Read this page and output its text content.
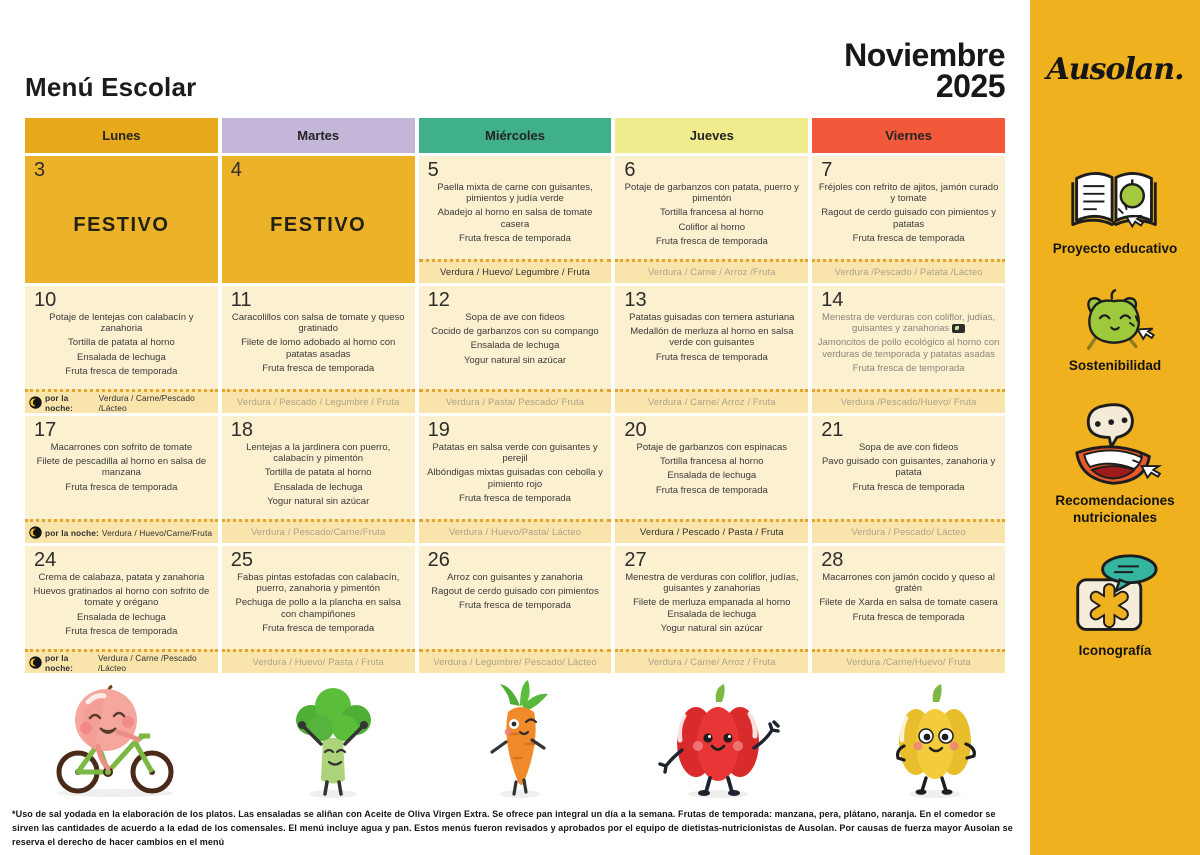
Menú Escolar
Noviembre
2025
Lunes	Martes	Miércoles	Jueves	Viernes
3
FESTIVO
4
FESTIVO
5
Paella mixta de carne con guisantes, pimientos y judía verde
Abadejo al horno en salsa de tomate casera
Fruta fresca de temporada
Verdura / Huevo/ Legumbre / Fruta
6
Potaje de garbanzos con patata, puerro y pimentón
Tortilla francesa al horno
Coliflor al horno
Fruta fresca de temporada
Verdura / Carne / Arroz /Fruta
7
Fréjoles con refrito de ajitos, jamón curado y tomate
Ragout de cerdo guisado con pimientos y patatas
Fruta fresca de temporada
Verdura /Pescado / Patata /Lácteo
10
Potaje de lentejas con calabacín y zanahoria
Tortilla de patata al horno
Ensalada de lechuga
Fruta fresca de temporada
por la noche:
Verdura / Carne/Pescado /Lácteo
11
Caracolillos con salsa de tomate y queso gratinado
Filete de lomo adobado al horno con patatas asadas
Fruta fresca de temporada
Verdura / Pescado / Legumbre / Fruta
12
Sopa de ave con fideos
Cocido de garbanzos con su compango
Ensalada de lechuga
Yogur natural sin azúcar
Verdura / Pasta/ Pescado/ Fruta
13
Patatas guisadas con ternera asturiana
Medallón de merluza al horno en salsa verde con guisantes
Fruta fresca de temporada
Verdura / Carne/ Arroz / Fruta
14
Menestra de verduras con coliflor, judías, guisantes y zanahorias
Jamoncitos de pollo ecológico al horno con verduras de temporada y patatas asadas
Fruta fresca de temporada
Verdura /Pescado/Huevo/ Fruta
17
Macarrones con sofrito de tomate
Filete de pescadilla al horno en salsa de manzana
Fruta fresca de temporada
por la noche: Verdura / Huevo/Carne/Fruta
18
Lentejas a la jardinera con puerro, calabacín y pimentón
Tortilla de patata al horno
Ensalada de lechuga
Yogur natural sin azúcar
Verdura / Pescado/Carne/Fruta
19
Patatas en salsa verde con guisantes y perejil
Albóndigas mixtas guisadas con cebolla y pimiento rojo
Fruta fresca de temporada
Verdura / Huevo/Pasta/ Lácteo
20
Potaje de garbanzos con espinacas
Tortilla francesa al horno
Ensalada de lechuga
Fruta fresca de temporada
Verdura / Pescado / Pasta / Fruta
21
Sopa de ave con fideos
Pavo guisado con guisantes, zanahoria y patata
Fruta fresca de temporada
Verdura / Pescado/ Lácteo
24
Crema de calabaza, patata y zanahoria
Huevos gratinados al horno con sofrito de tomate y orégano
Ensalada de lechuga
Fruta fresca de temporada
por la noche:
Verdura / Carne /Pescado /Lácteo
25
Fabas pintas estofadas con calabacín, puerro, zanahoria y pimentón
Pechuga de pollo a la plancha en salsa con champiñones
Fruta fresca de temporada
Verdura / Huevo/ Pasta / Fruta
26
Arroz con guisantes y zanahoria
Ragout de cerdo guisado con pimientos
Fruta fresca de temporada
Verdura / Legumbre/ Pescado/ Lácteo
27
Menestra de verduras con coliflor, judías, guisantes y zanahorias
Filete de merluza empanada al horno Ensalada de lechuga
Yogur natural sin azúcar
Verdura / Carne/ Arroz / Fruta
28
Macarrones con jamón cocido y queso al gratén
Filete de Xarda en salsa de tomate casera
Fruta fresca de temporada
Verdura /Carne/Huevo/ Fruta
*Uso de sal yodada en la elaboración de los platos. Las ensaladas se aliñan con Aceite de Oliva Virgen Extra. Se ofrece pan integral un día a la semana. Frutas de temporada: manzana, pera, plátano, naranja. En el comedor se sirven las cantidades de acuerdo a la edad de los comensales. El menú incluye agua y pan. Estos menús fueron revisados y aprobados por el equipo de dietistas-nutricionistas de Ausolan. Por causas de fuerza mayor Ausolan se reserva el derecho de hacer cambios en el menú
Ausolan.
Proyecto educativo
Sostenibilidad
Recomendaciones nutricionales
Iconografía
